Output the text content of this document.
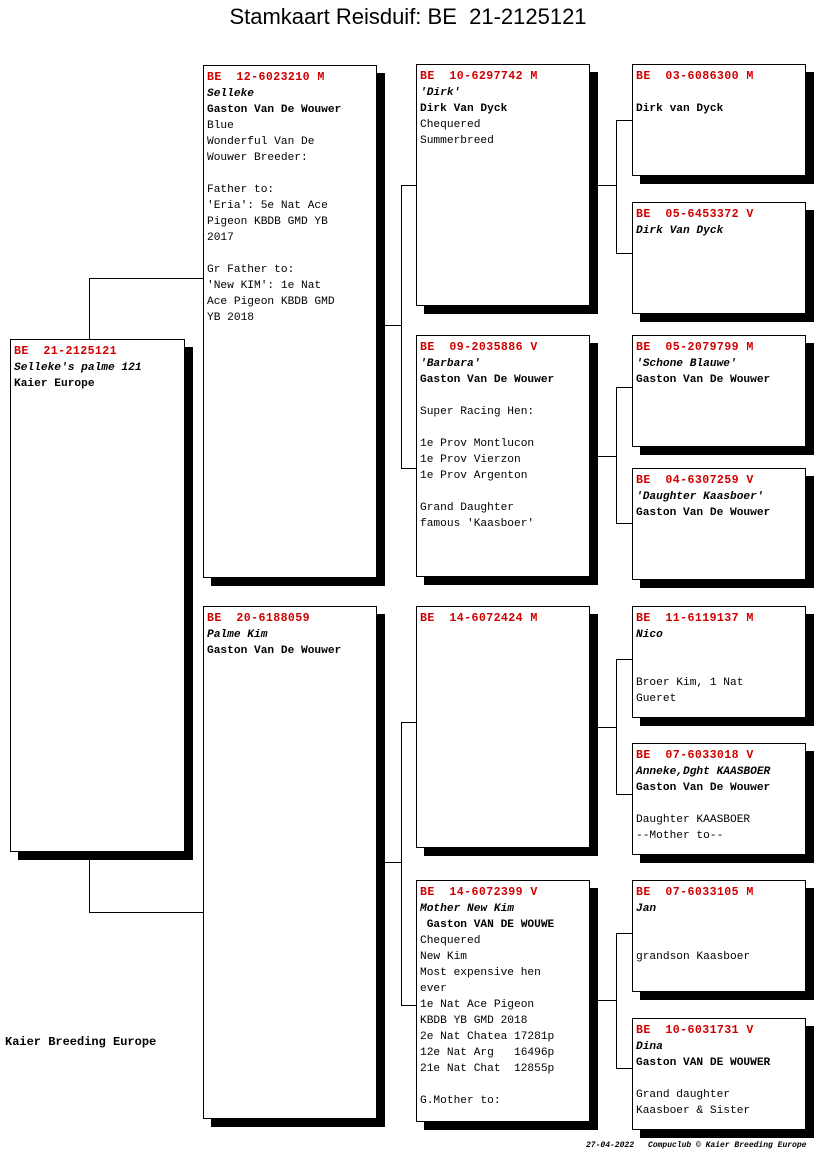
Stamkaart Reisduif: BE  21-2125121
BE  21-2125121
Selleke's palme 121
Kaier Europe
BE  12-6023210 M
Selleke
Gaston Van De Wouwer
Blue
Wonderful Van De
Wouwer Breeder:
Father to:
'Eria': 5e Nat Ace
Pigeon KBDB GMD YB
2017
Gr Father to:
'New KIM': 1e Nat
Ace Pigeon KBDB GMD
YB 2018
BE  20-6188059
Palme Kim
Gaston Van De Wouwer
BE  10-6297742 M
'Dirk'
Dirk Van Dyck
Chequered
Summerbreed
BE  09-2035886 V
'Barbara'
Gaston Van De Wouwer
Super Racing Hen:
1e Prov Montlucon
1e Prov Vierzon
1e Prov Argenton
Grand Daughter
famous 'Kaasboer'
BE  14-6072424 M
BE  14-6072399 V
Mother New Kim
Gaston VAN DE WOUWE
Chequered
New Kim
Most expensive hen
ever
1e Nat Ace Pigeon
KBDB YB GMD 2018
2e Nat Chatea 17281p
12e Nat Arg   16496p
21e Nat Chat  12855p
G.Mother to:
BE  03-6086300 M
Dirk van Dyck
BE  05-6453372 V
Dirk Van Dyck
BE  05-2079799 M
'Schone Blauwe'
Gaston Van De Wouwer
BE  04-6307259 V
'Daughter Kaasboer'
Gaston Van De Wouwer
BE  11-6119137 M
Nico
Broer Kim, 1 Nat
Gueret
BE  07-6033018 V
Anneke,Dght KAASBOER
Gaston Van De Wouwer
Daughter KAASBOER
--Mother to--
BE  07-6033105 M
Jan
grandson Kaasboer
BE  10-6031731 V
Dina
Gaston VAN DE WOUWER
Grand daughter
Kaasboer & Sister
Kaier Breeding Europe
27-04-2022 Compuclub © Kaier Breeding Europe
